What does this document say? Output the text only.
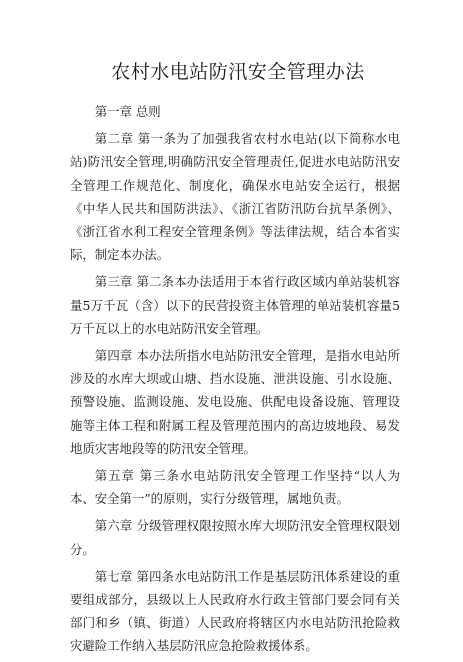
农村水电站防汛安全管理办法

第一章 总则

第二章 第一条为了加强我省农村水电站(以下简称水电站)防汛安全管理,明确防汛安全管理责任,促进水电站防汛安全管理工作规范化、制度化，确保水电站安全运行，根据《中华人民共和国防洪法》、《浙江省防汛防台抗旱条例》、《浙江省水利工程安全管理条例》等法律法规，结合本省实际，制定本办法。

第三章 第二条本办法适用于本省行政区域内单站装机容量5万千瓦（含）以下的民营投资主体管理的单站装机容量5万千瓦以上的水电站防汛安全管理。

第四章 本办法所指水电站防汛安全管理，是指水电站所涉及的水库大坝或山塘、挡水设施、泄洪设施、引水设施、预警设施、监测设施、发电设施、供配电设备设施、管理设施等主体工程和附属工程及管理范围内的高边坡地段、易发地质灾害地段等的防汛安全管理。

第五章 第三条水电站防汛安全管理工作坚持“以人为本、安全第一”的原则，实行分级管理，属地负责。

第六章 分级管理权限按照水库大坝防汛安全管理权限划分。

第七章 第四条水电站防汛工作是基层防汛体系建设的重要组成部分，县级以上人民政府水行政主管部门要会同有关部门和乡（镇、街道）人民政府将辖区内水电站防汛抢险救灾避险工作纳入基层防汛应急抢险救援体系。
